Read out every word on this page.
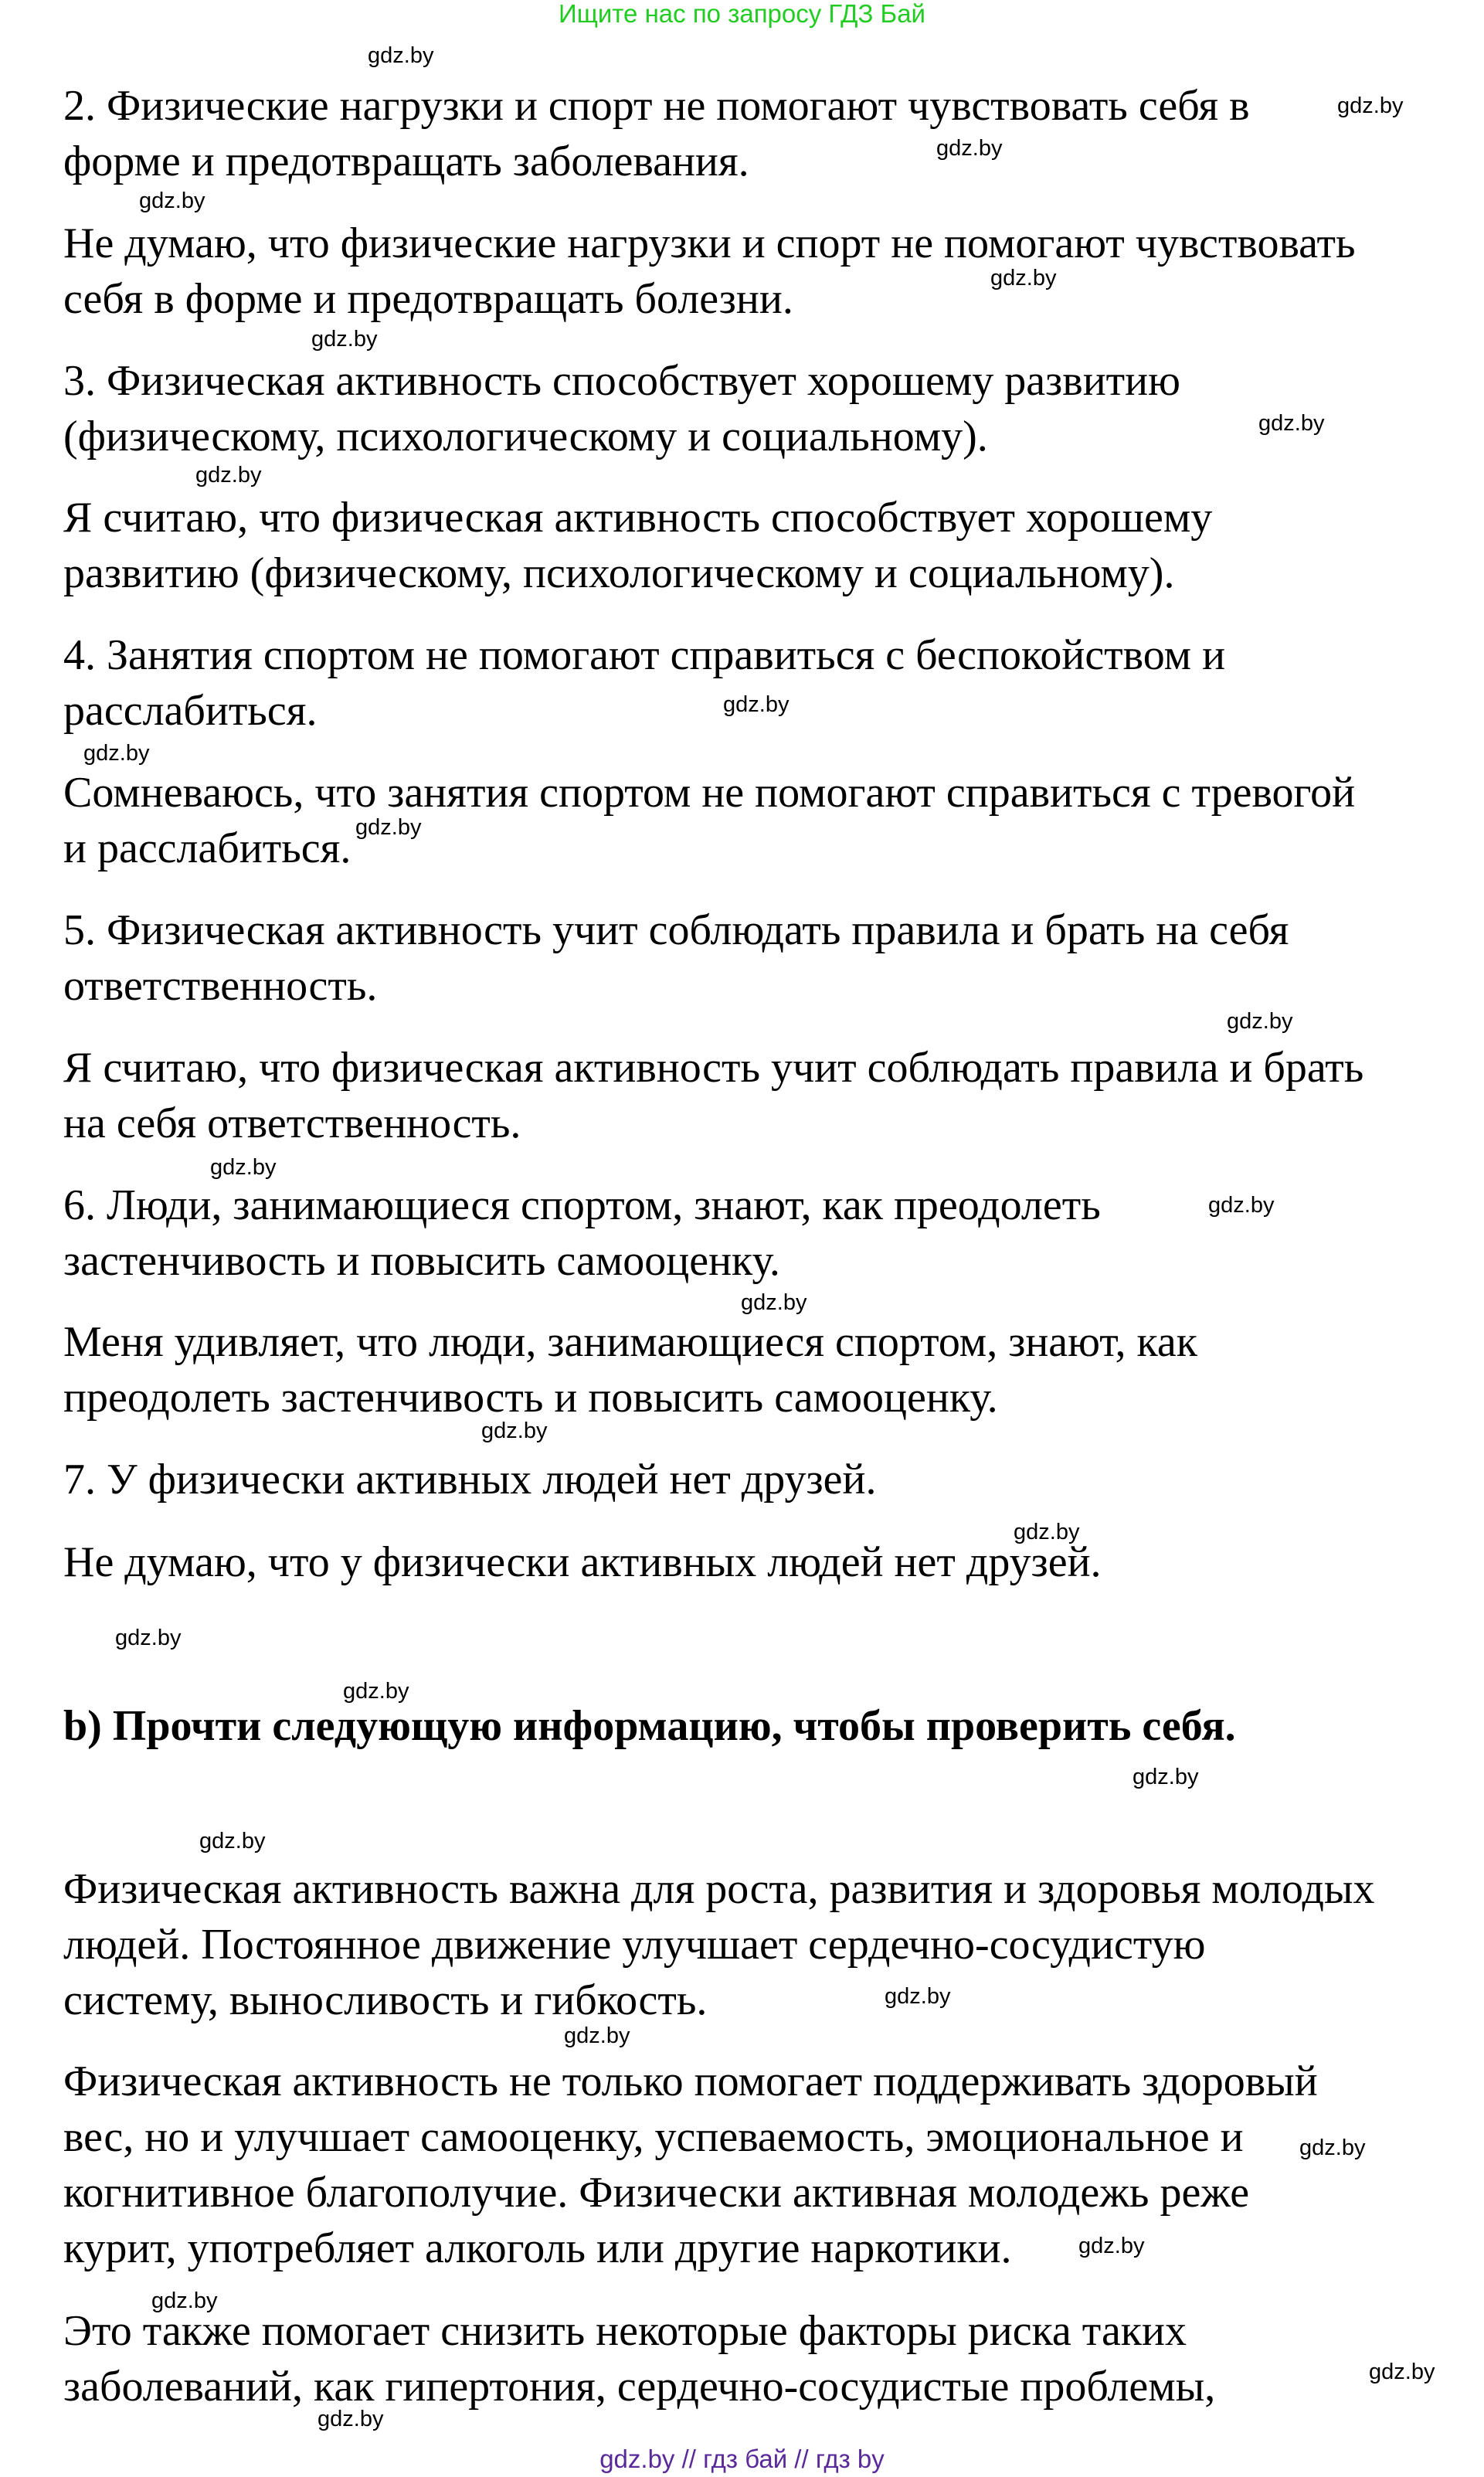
Ищите нас по запросу ГДЗ Бай
2. Физические нагрузки и спорт не помогают чувствовать себя в
форме и предотвращать заболевания.
Не думаю, что физические нагрузки и спорт не помогают чувствовать
себя в форме и предотвращать болезни.
3. Физическая активность способствует хорошему развитию
(физическому, психологическому и социальному).
Я считаю, что физическая активность способствует хорошему
развитию (физическому, психологическому и социальному).
4. Занятия спортом не помогают справиться с беспокойством и
расслабиться.
Сомневаюсь, что занятия спортом не помогают справиться с тревогой
и расслабиться.
5. Физическая активность учит соблюдать правила и брать на себя
ответственность.
Я считаю, что физическая активность учит соблюдать правила и брать
на себя ответственность.
6. Люди, занимающиеся спортом, знают, как преодолеть
застенчивость и повысить самооценку.
Меня удивляет, что люди, занимающиеся спортом, знают, как
преодолеть застенчивость и повысить самооценку.
7. У физически активных людей нет друзей.
Не думаю, что у физически активных людей нет друзей.
b) Прочти следующую информацию, чтобы проверить себя.
Физическая активность важна для роста, развития и здоровья молодых
людей. Постоянное движение улучшает сердечно-сосудистую
систему, выносливость и гибкость.
Физическая активность не только помогает поддерживать здоровый
вес, но и улучшает самооценку, успеваемость, эмоциональное и
когнитивное благополучие. Физически активная молодежь реже
курит, употребляет алкоголь или другие наркотики.
Это также помогает снизить некоторые факторы риска таких
заболеваний, как гипертония, сердечно-сосудистые проблемы,
gdz.by
gdz.by
gdz.by
gdz.by
gdz.by
gdz.by
gdz.by
gdz.by
gdz.by
gdz.by
gdz.by
gdz.by
gdz.by
gdz.by
gdz.by
gdz.by
gdz.by
gdz.by
gdz.by
gdz.by
gdz.by
gdz.by
gdz.by
gdz.by
gdz.by
gdz.by
gdz.by
gdz.by
gdz.by // гдз бай // гдз by
